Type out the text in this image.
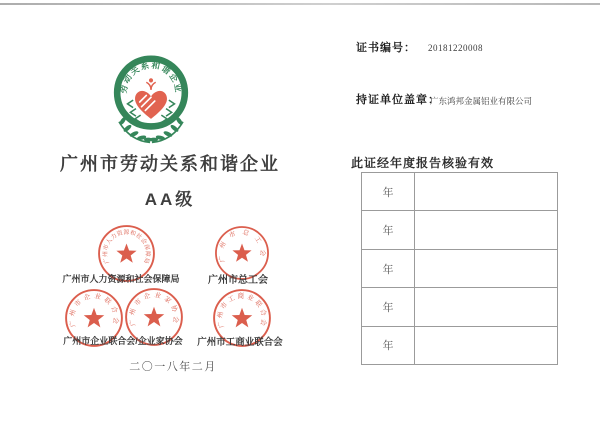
劳动关系和谐企业
广州市劳动关系和谐企业
AA级
广州市人力资源和社会保障局	广州市总工会
广州市企业联合会 广州市企业家协会	广州市工商业联合会
广州市人力资源和社会保障局	广州市总工会
广州市企业联合会/企业家协会	广州市工商业联合会
二〇一八年二月
证书编号： 20181220008
持证单位盖章：
广东鸿邦金属铝业有限公司
此证经年度报告核验有效
年
年
年
年
年
